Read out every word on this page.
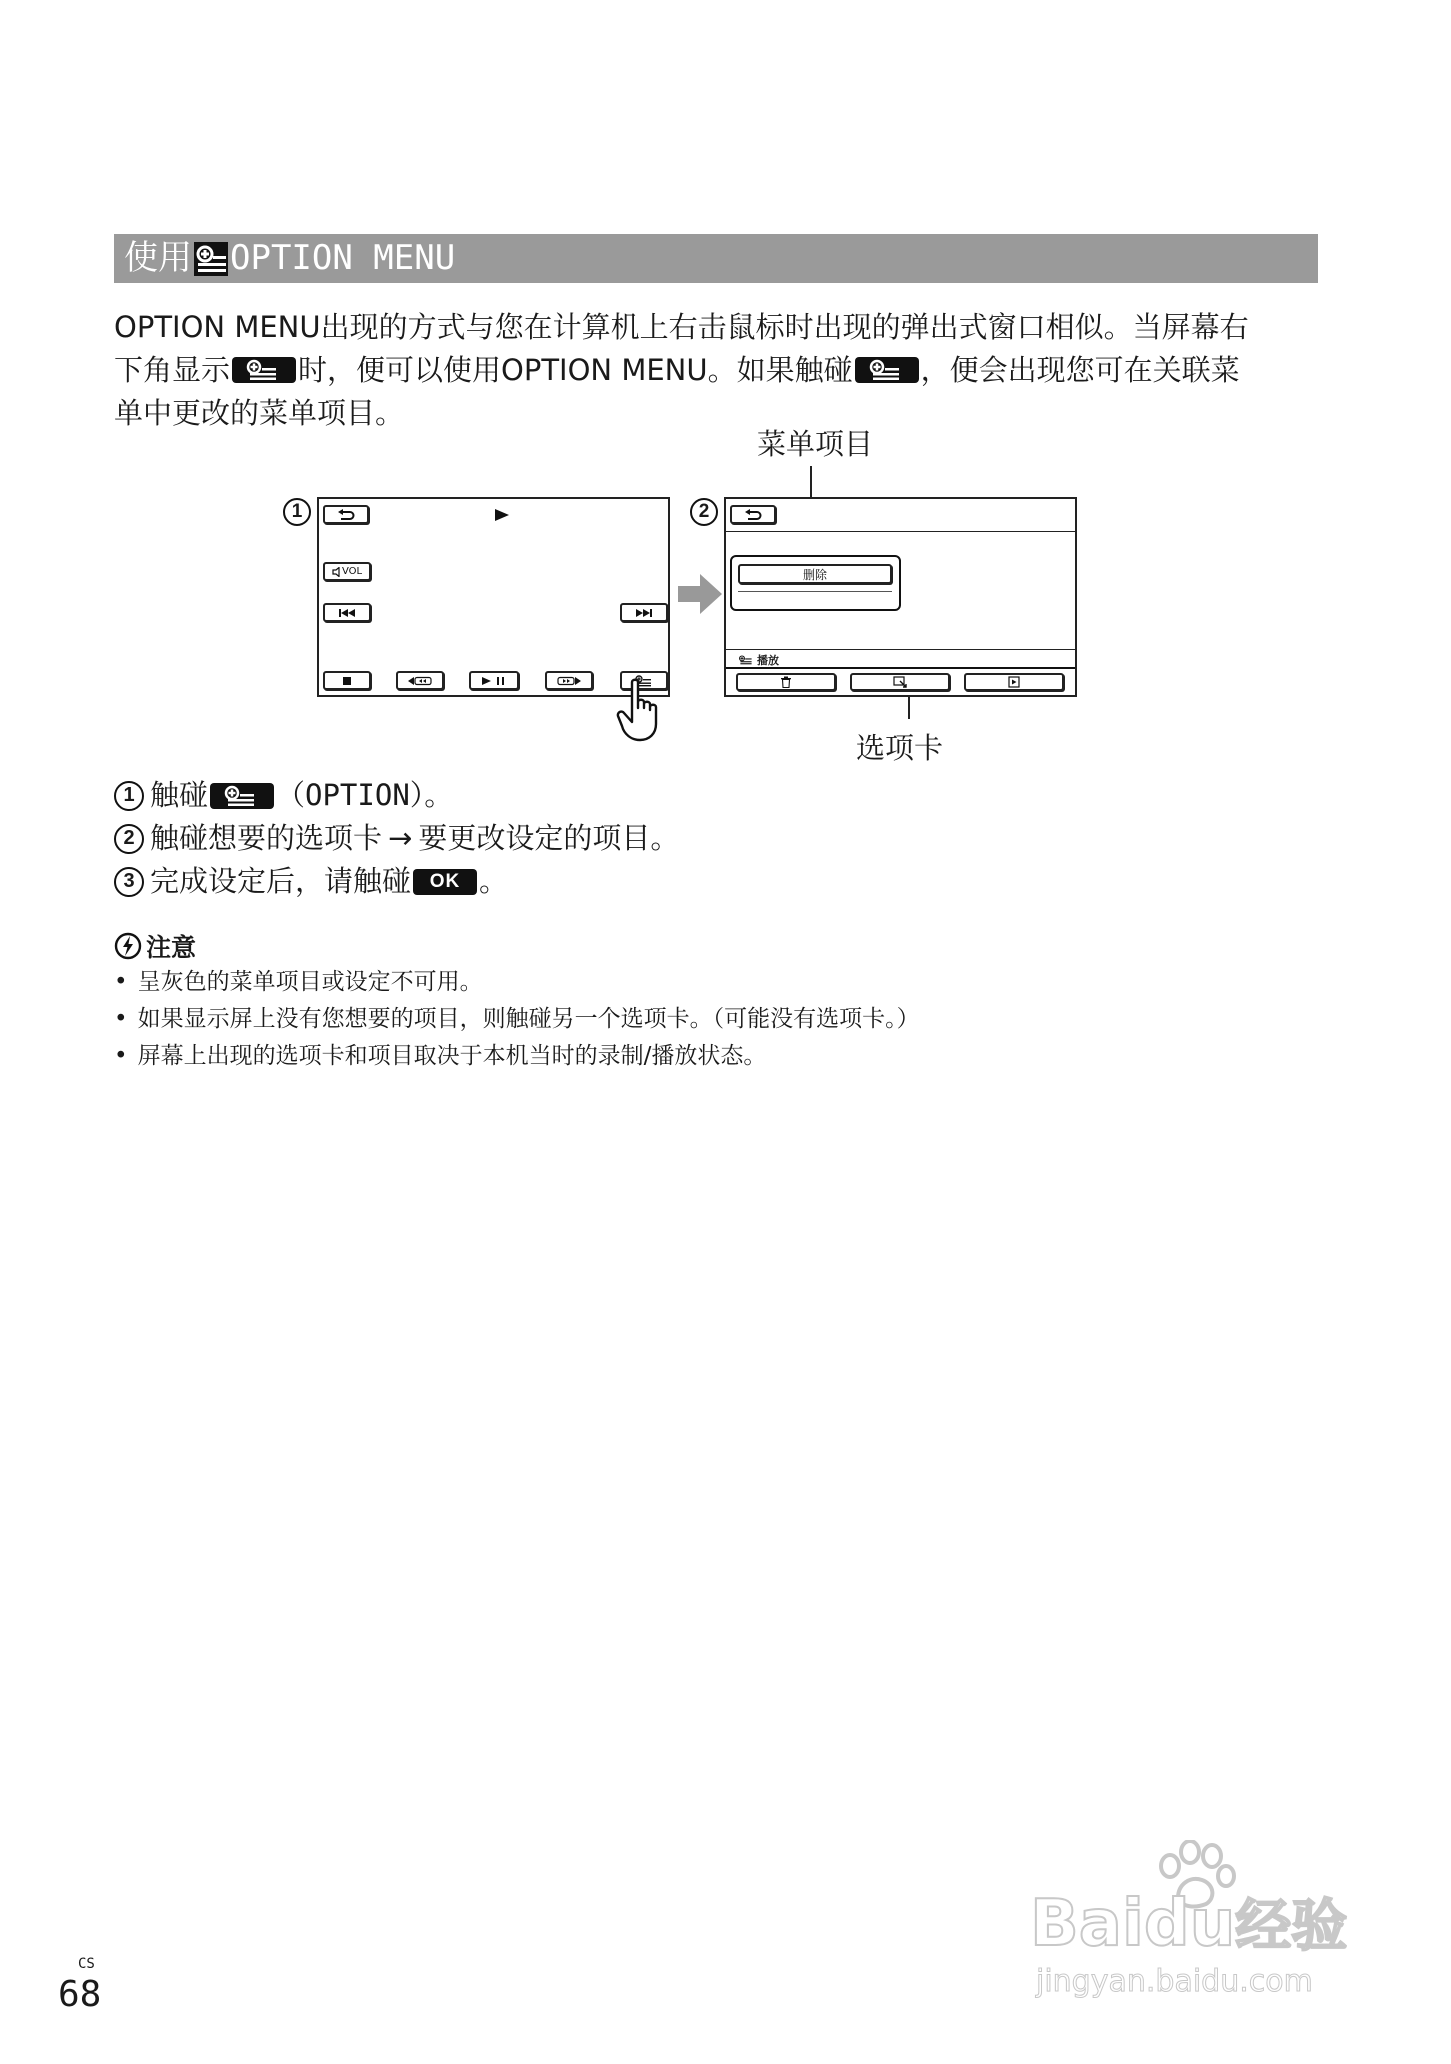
使用 OPTION MENU
OPTION MENU出现的方式与您在计算机上右击鼠标时出现的弹出式窗口相似。当屏幕右
下角显示 时，便可以使用OPTION MENU。如果触碰 ，便会出现您可在关联菜
单中更改的菜单项目。
菜单项目
1
VOL
2
删除
播放
选项卡
1 触碰 （OPTION）。
2 触碰想要的选项卡 → 要更改设定的项目。
3 完成设定后，请触碰 OK 。
注意
• 呈灰色的菜单项目或设定不可用。
• 如果显示屏上没有您想要的项目，则触碰另一个选项卡。（可能没有选项卡。）
• 屏幕上出现的选项卡和项目取决于本机当时的录制/播放状态。
CS
68
Baidu经验
jingyan.baidu.com
